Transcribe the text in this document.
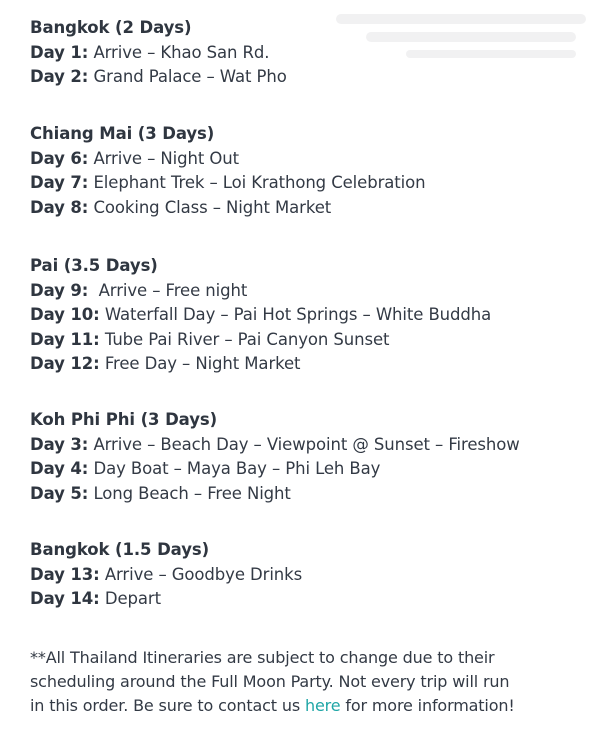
Bangkok (2 Days)
Day 1: Arrive – Khao San Rd.
Day 2: Grand Palace – Wat Pho
Chiang Mai (3 Days)
Day 6: Arrive – Night Out
Day 7: Elephant Trek – Loi Krathong Celebration
Day 8: Cooking Class – Night Market
Pai (3.5 Days)
Day 9:  Arrive – Free night
Day 10: Waterfall Day – Pai Hot Springs – White Buddha
Day 11: Tube Pai River – Pai Canyon Sunset
Day 12: Free Day – Night Market
Koh Phi Phi (3 Days)
Day 3: Arrive – Beach Day – Viewpoint @ Sunset – Fireshow
Day 4: Day Boat – Maya Bay – Phi Leh Bay
Day 5: Long Beach – Free Night
Bangkok (1.5 Days)
Day 13: Arrive – Goodbye Drinks
Day 14: Depart
**All Thailand Itineraries are subject to change due to their
scheduling around the Full Moon Party. Not every trip will run
in this order. Be sure to contact us here for more information!
